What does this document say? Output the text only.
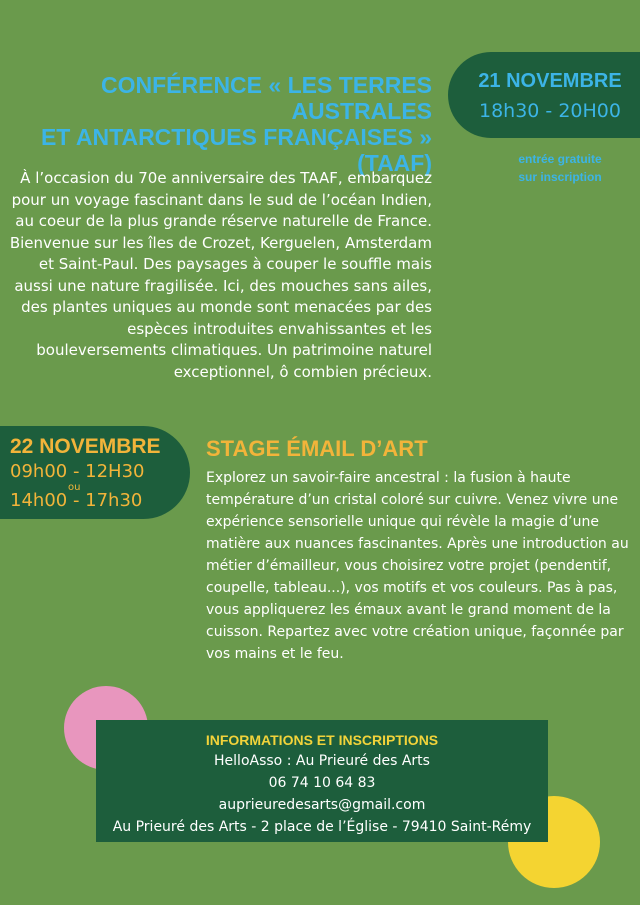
CONFÉRENCE « LES TERRES AUSTRALES
ET ANTARCTIQUES FRANÇAISES »
(TAAF)
21 NOVEMBRE
18h30 - 20H00
entrée gratuite
sur inscription
À l’occasion du 70e anniversaire des TAAF, embarquez pour un voyage fascinant dans le sud de l’océan Indien, au coeur de la plus grande réserve naturelle de France. Bienvenue sur les îles de Crozet, Kerguelen, Amsterdam et Saint-Paul. Des paysages à couper le souffle mais aussi une nature fragilisée. Ici, des mouches sans ailes, des plantes uniques au monde sont menacées par des espèces introduites envahissantes et les bouleversements climatiques. Un patrimoine naturel exceptionnel, ô combien précieux.
22 NOVEMBRE
09h00 - 12H30
ou
14h00 - 17h30
STAGE ÉMAIL D’ART
Explorez un savoir-faire ancestral : la fusion à haute température d’un cristal coloré sur cuivre. Venez vivre une expérience sensorielle unique qui révèle la magie d’une matière aux nuances fascinantes. Après une introduction au métier d’émailleur, vous choisirez votre projet (pendentif, coupelle, tableau...), vos motifs et vos couleurs. Pas à pas, vous appliquerez les émaux avant le grand moment de la cuisson. Repartez avec votre création unique, façonnée par vos mains et le feu.
INFORMATIONS ET INSCRIPTIONS
HelloAsso : Au Prieuré des Arts
06 74 10 64 83
auprieuredesarts@gmail.com
Au Prieuré des Arts - 2 place de l’Église - 79410 Saint-Rémy
